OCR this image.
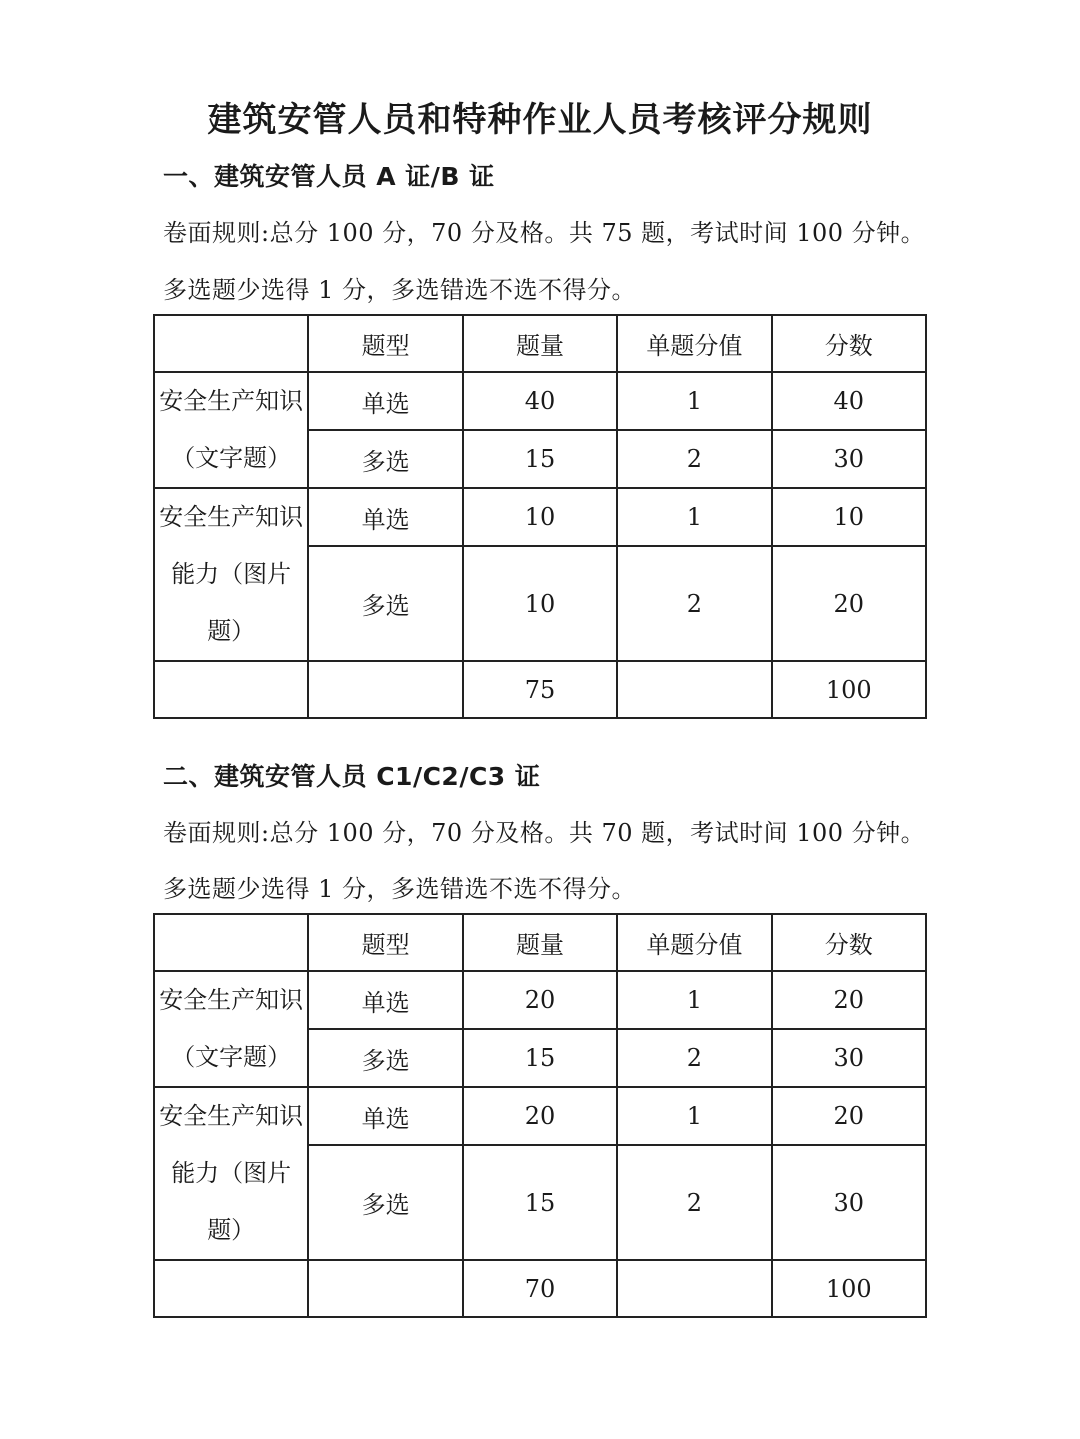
建筑安管人员和特种作业人员考核评分规则
一、建筑安管人员 A 证/B 证
卷面规则:总分 100 分，70 分及格。共 75 题，考试时间 100 分钟。
多选题少选得 1 分，多选错选不选不得分。
	题型	题量	单题分值	分数
安全生产知识（文字题）	单选	40	1	40
	多选	15	2	30
安全生产知识能力（图片题）	单选	10	1	10
	多选	10	2	20
		75		100
二、建筑安管人员 C1/C2/C3 证
卷面规则:总分 100 分，70 分及格。共 70 题，考试时间 100 分钟。
多选题少选得 1 分，多选错选不选不得分。
	题型	题量	单题分值	分数
安全生产知识（文字题）	单选	20	1	20
	多选	15	2	30
安全生产知识能力（图片题）	单选	20	1	20
	多选	15	2	30
		70		100
